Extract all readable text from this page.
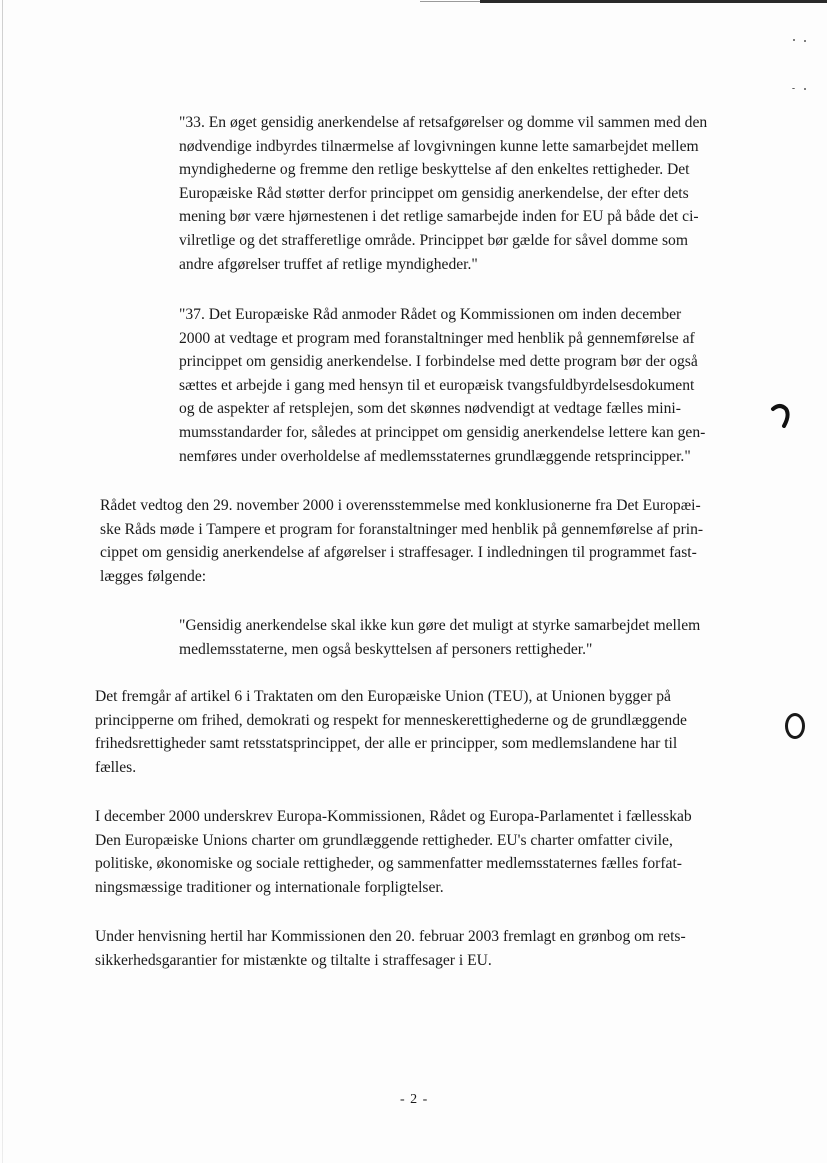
"33. En øget gensidig anerkendelse af retsafgørelser og domme vil sammen med den

nødvendige indbyrdes tilnærmelse af lovgivningen kunne lette samarbejdet mellem

myndighederne og fremme den retlige beskyttelse af den enkeltes rettigheder. Det

Europæiske Råd støtter derfor princippet om gensidig anerkendelse, der efter dets

mening bør være hjørnestenen i det retlige samarbejde inden for EU på både det ci-

vilretlige og det strafferetlige område. Princippet bør gælde for såvel domme som

andre afgørelser truffet af retlige myndigheder."

"37. Det Europæiske Råd anmoder Rådet og Kommissionen om inden december

2000 at vedtage et program med foranstaltninger med henblik på gennemførelse af

princippet om gensidig anerkendelse. I forbindelse med dette program bør der også

sættes et arbejde i gang med hensyn til et europæisk tvangsfuldbyrdelsesdokument

og de aspekter af retsplejen, som det skønnes nødvendigt at vedtage fælles mini-

mumsstandarder for, således at princippet om gensidig anerkendelse lettere kan gen-

nemføres under overholdelse af medlemsstaternes grundlæggende retsprincipper."

Rådet vedtog den 29. november 2000 i overensstemmelse med konklusionerne fra Det Europæi-

ske Råds møde i Tampere et program for foranstaltninger med henblik på gennemførelse af prin-

cippet om gensidig anerkendelse af afgørelser i straffesager. I indledningen til programmet fast-

lægges følgende:

"Gensidig anerkendelse skal ikke kun gøre det muligt at styrke samarbejdet mellem

medlemsstaterne, men også beskyttelsen af personers rettigheder."

Det fremgår af artikel 6 i Traktaten om den Europæiske Union (TEU), at Unionen bygger på

principperne om frihed, demokrati og respekt for menneskerettighederne og de grundlæggende

frihedsrettigheder samt retsstatsprincippet, der alle er principper, som medlemslandene har til

fælles.

I december 2000 underskrev Europa-Kommissionen, Rådet og Europa-Parlamentet i fællesskab

Den Europæiske Unions charter om grundlæggende rettigheder. EU's charter omfatter civile,

politiske, økonomiske og sociale rettigheder, og sammenfatter medlemsstaternes fælles forfat-

ningsmæssige traditioner og internationale forpligtelser.

Under henvisning hertil har Kommissionen den 20. februar 2003 fremlagt en grønbog om rets-

sikkerhedsgarantier for mistænkte og tiltalte i straffesager i EU.

- 2 -
